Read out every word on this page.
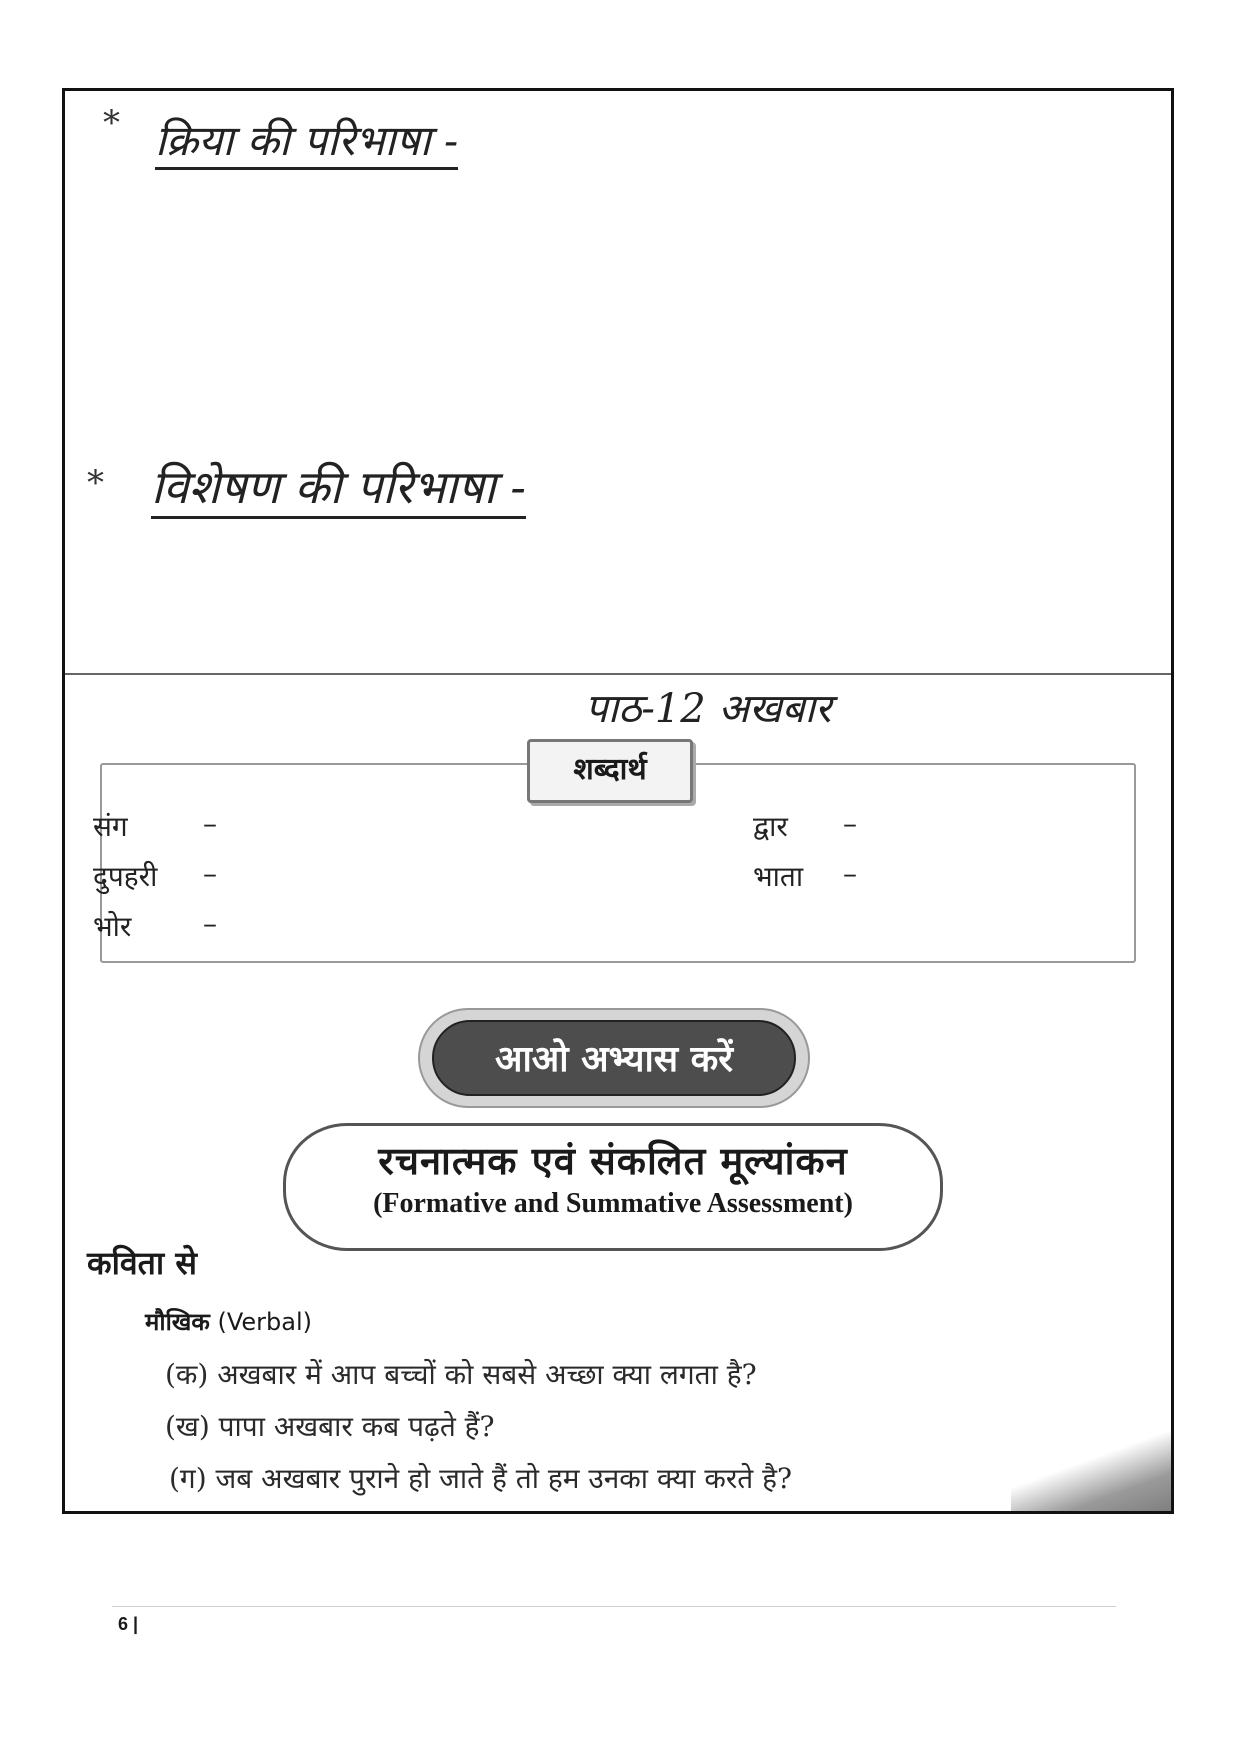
* क्रिया की परिभाषा -
* विशेषण की परिभाषा -
पाठ-12 अखबार
शब्दार्थ
संग	–
दुपहरी –
भोर	–
द्वार –
भाता –
आओ अभ्यास करें
रचनात्मक एवं संकलित मूल्यांकन
(Formative and Summative Assessment)
कविता से
मौखिक (Verbal)
(क) अखबार में आप बच्चों को सबसे अच्छा क्या लगता है?
(ख) पापा अखबार कब पढ़ते हैं?
(ग) जब अखबार पुराने हो जाते हैं तो हम उनका क्या करते है?
6 |
